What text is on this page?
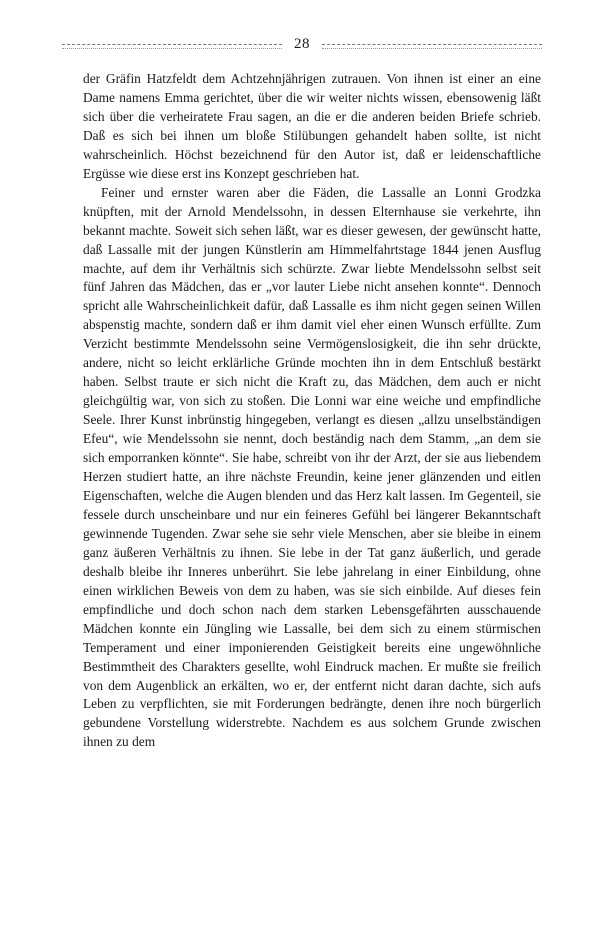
28

der Gräfin Hatzfeldt dem Achtzehnjährigen zutrauen. Von ihnen ist einer an eine Dame namens Emma gerichtet, über die wir weiter nichts wissen, ebensowenig läßt sich über die verheiratete Frau sagen, an die er die anderen beiden Briefe schrieb. Daß es sich bei ihnen um bloße Stilübungen gehandelt haben sollte, ist nicht wahrscheinlich. Höchst bezeichnend für den Autor ist, daß er leidenschaftliche Ergüsse wie diese erst ins Konzept geschrieben hat.

Feiner und ernster waren aber die Fäden, die Lassalle an Lonni Grodzka knüpften, mit der Arnold Mendelssohn, in dessen Elternhause sie verkehrte, ihn bekannt machte. Soweit sich sehen läßt, war es dieser gewesen, der gewünscht hatte, daß Lassalle mit der jungen Künstlerin am Himmelfahrtstage 1844 jenen Ausflug machte, auf dem ihr Verhältnis sich schürzte. Zwar liebte Mendelssohn selbst seit fünf Jahren das Mädchen, das er „vor lauter Liebe nicht ansehen konnte“. Dennoch spricht alle Wahrscheinlichkeit dafür, daß Lassalle es ihm nicht gegen seinen Willen abspenstig machte, sondern daß er ihm damit viel eher einen Wunsch erfüllte. Zum Verzicht bestimmte Mendelssohn seine Vermögenslosigkeit, die ihn sehr drückte, andere, nicht so leicht erklärliche Gründe mochten ihn in dem Entschluß bestärkt haben. Selbst traute er sich nicht die Kraft zu, das Mädchen, dem auch er nicht gleichgültig war, von sich zu stoßen. Die Lonni war eine weiche und empfindliche Seele. Ihrer Kunst inbrünstig hingegeben, verlangt es diesen „allzu unselbständigen Efeu“, wie Mendelssohn sie nennt, doch beständig nach dem Stamm, „an dem sie sich emporranken könnte“. Sie habe, schreibt von ihr der Arzt, der sie aus liebendem Herzen studiert hatte, an ihre nächste Freundin, keine jener glänzenden und eitlen Eigenschaften, welche die Augen blenden und das Herz kalt lassen. Im Gegenteil, sie fessele durch unscheinbare und nur ein feineres Gefühl bei längerer Bekanntschaft gewinnende Tugenden. Zwar sehe sie sehr viele Menschen, aber sie bleibe in einem ganz äußeren Verhältnis zu ihnen. Sie lebe in der Tat ganz äußerlich, und gerade deshalb bleibe ihr Inneres unberührt. Sie lebe jahrelang in einer Einbildung, ohne einen wirklichen Beweis von dem zu haben, was sie sich einbilde. Auf dieses fein empfindliche und doch schon nach dem starken Lebensgefährten ausschauende Mädchen konnte ein Jüngling wie Lassalle, bei dem sich zu einem stürmischen Temperament und einer imponierenden Geistigkeit bereits eine ungewöhnliche Bestimmtheit des Charakters gesellte, wohl Eindruck machen. Er mußte sie freilich von dem Augenblick an erkälten, wo er, der entfernt nicht daran dachte, sich aufs Leben zu verpflichten, sie mit Forderungen bedrängte, denen ihre noch bürgerlich gebundene Vorstellung widerstrebte. Nachdem es aus solchem Grunde zwischen ihnen zu dem
